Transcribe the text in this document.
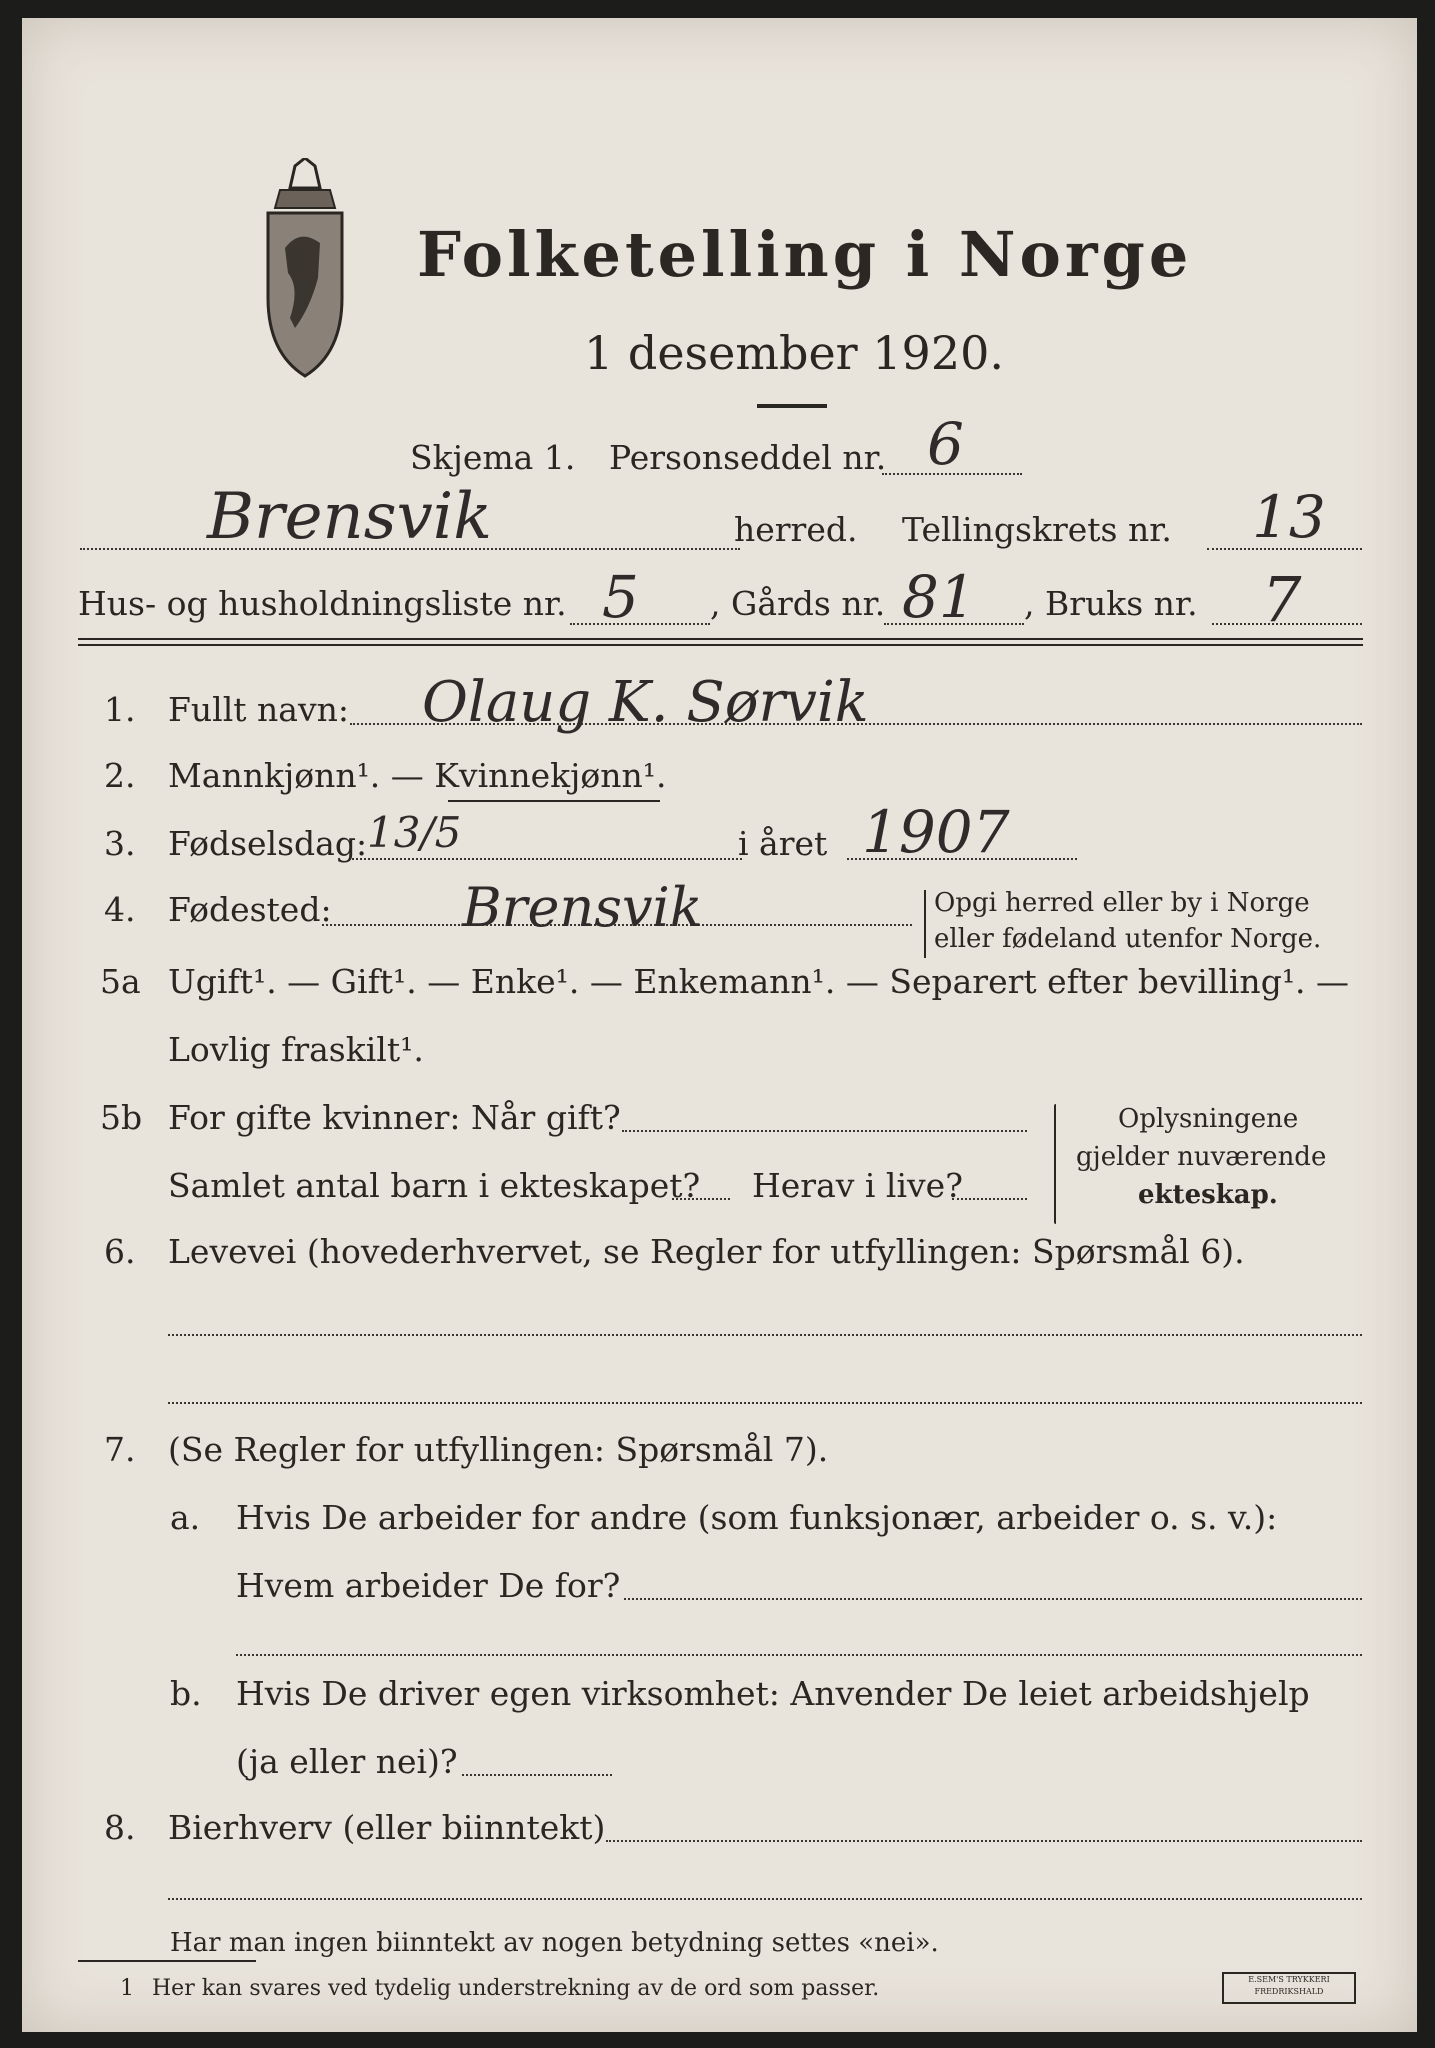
Folketelling i Norge
1 desember 1920.
Skjema 1. Personseddel nr. 6
Brensvik	herred. Tellingskrets nr. 13
Hus- og husholdningsliste nr. 5 , Gårds nr. 81 , Bruks nr. 7
1. Fullt navn: Olaug K. Sørvik
2. Mannkjønn¹. — Kvinnekjønn¹.
3. Fødselsdag: 13/5	i året 1907
4. Fødested: Brensvik	Opgi herred eller by i Norge
eller fødeland utenfor Norge.
5a Ugift¹. — Gift¹. — Enke¹. — Enkemann¹. — Separert efter bevilling¹. —
Lovlig fraskilt¹.
5b For gifte kvinner: Når gift?
Samlet antal barn i ekteskapet? Herav i live?
Oplysningene
gjelder nuværende
ekteskap.
6. Levevei (hovederhvervet, se Regler for utfyllingen: Spørsmål 6).
7. (Se Regler for utfyllingen: Spørsmål 7).
a. Hvis De arbeider for andre (som funksjonær, arbeider o. s. v.):
Hvem arbeider De for?
b. Hvis De driver egen virksomhet: Anvender De leiet arbeidshjelp
(ja eller nei)?
8. Bierhverv (eller biinntekt)
Har man ingen biinntekt av nogen betydning settes «nei».
1 Her kan svares ved tydelig understrekning av de ord som passer.	E.SEM'S TRYKKERI FREDRIKSHALD
